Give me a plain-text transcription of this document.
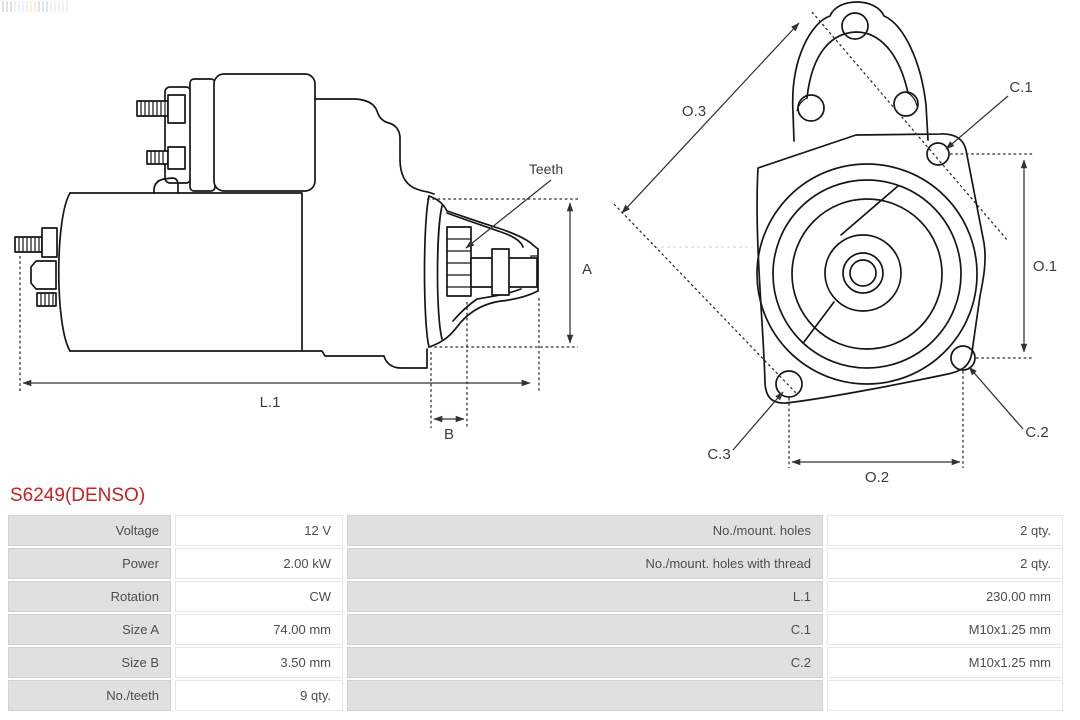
A
L.1
B
Teeth
O.3
C.1
O.1
O.2
C.2
C.3
S6249(DENSO)
Voltage	12 V	No./mount. holes	2 qty.
Power	2.00 kW	No./mount. holes with thread	2 qty.
Rotation	CW	L.1	230.00 mm
Size A	74.00 mm	C.1	M10x1.25 mm
Size B	3.50 mm	C.2	M10x1.25 mm
No./teeth	9 qty.
